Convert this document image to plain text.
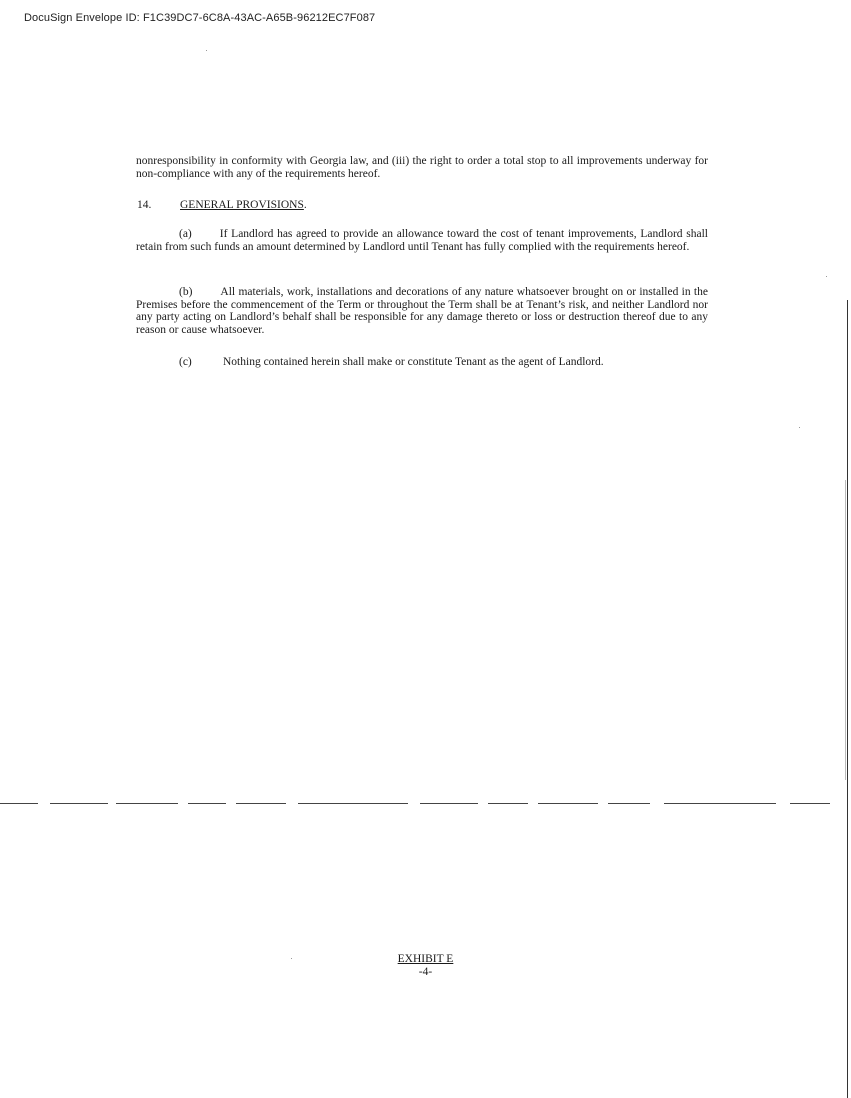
DocuSign Envelope ID: F1C39DC7-6C8A-43AC-A65B-96212EC7F087
nonresponsibility in conformity with Georgia law, and (iii) the right to order a total stop to all improvements underway for non-compliance with any of the requirements hereof.
14. GENERAL PROVISIONS.
(a) If Landlord has agreed to provide an allowance toward the cost of tenant improvements, Landlord shall retain from such funds an amount determined by Landlord until Tenant has fully complied with the requirements hereof.
(b) All materials, work, installations and decorations of any nature whatsoever brought on or installed in the Premises before the commencement of the Term or throughout the Term shall be at Tenant’s risk, and neither Landlord nor any party acting on Landlord’s behalf shall be responsible for any damage thereto or loss or destruction thereof due to any reason or cause whatsoever.
(c)	Nothing contained herein shall make or constitute Tenant as the agent of Landlord.
EXHIBIT E
-4-
